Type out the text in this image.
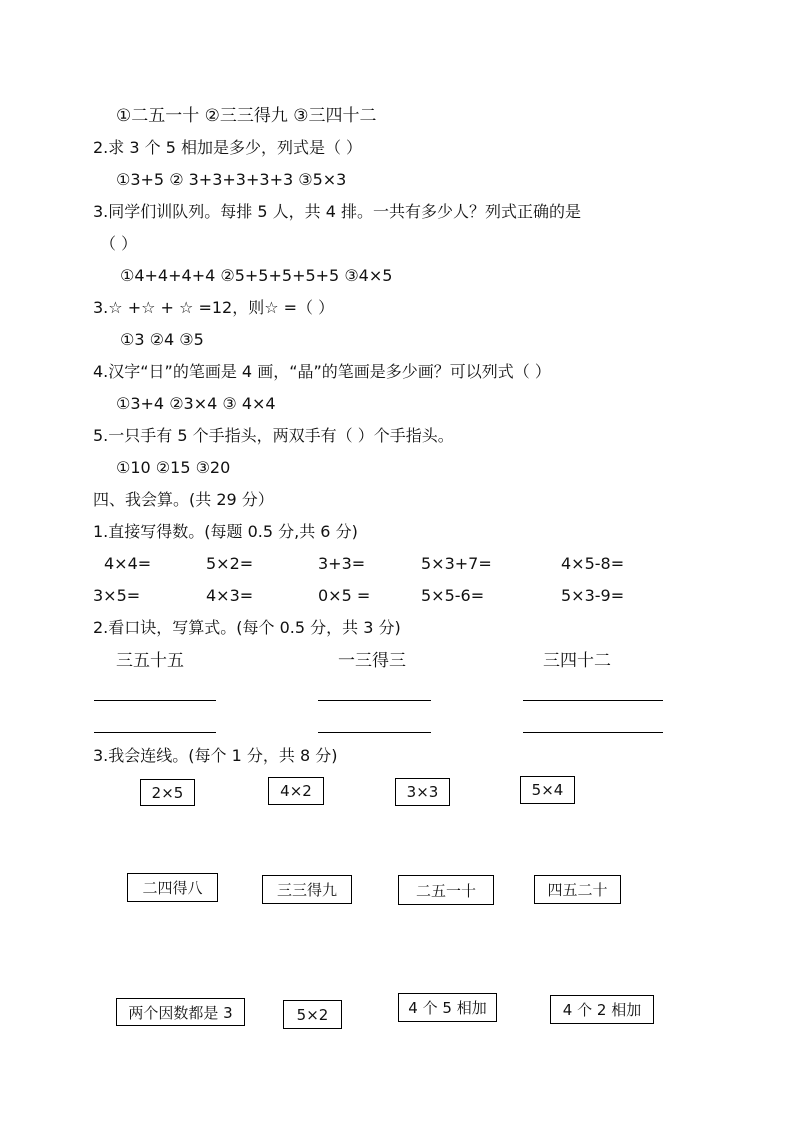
①二五一十 ②三三得九 ③三四十二
2.求 3 个 5 相加是多少，列式是（ ）
①3+5 ② 3+3+3+3+3 ③5×3
3.同学们训队列。每排 5 人，共 4 排。一共有多少人？列式正确的是
（ ）
①4+4+4+4 ②5+5+5+5+5 ③4×5
3.☆ +☆ + ☆ =12，则☆ =（ ）
①3 ②4 ③5
4.汉字“日”的笔画是 4 画，“晶”的笔画是多少画？可以列式（ ）
①3+4 ②3×4 ③ 4×4
5.一只手有 5 个手指头，两双手有（ ）个手指头。
①10 ②15 ③20
四、我会算。(共 29 分）
1.直接写得数。(每题 0.5 分,共 6 分)
4×4=	5×2=	3+3=	5×3+7=	4×5-8=
3×5=	4×3=	0×5 =	5×5-6=	5×3-9=
2.看口诀，写算式。(每个 0.5 分，共 3 分)
三五十五	一三得三	三四十二
3.我会连线。(每个 1 分，共 8 分)
2×5	4×2	3×3	5×4
二四得八	三三得九	二五一十	四五二十
两个因数都是 3	5×2	4 个 5 相加	4 个 2 相加
